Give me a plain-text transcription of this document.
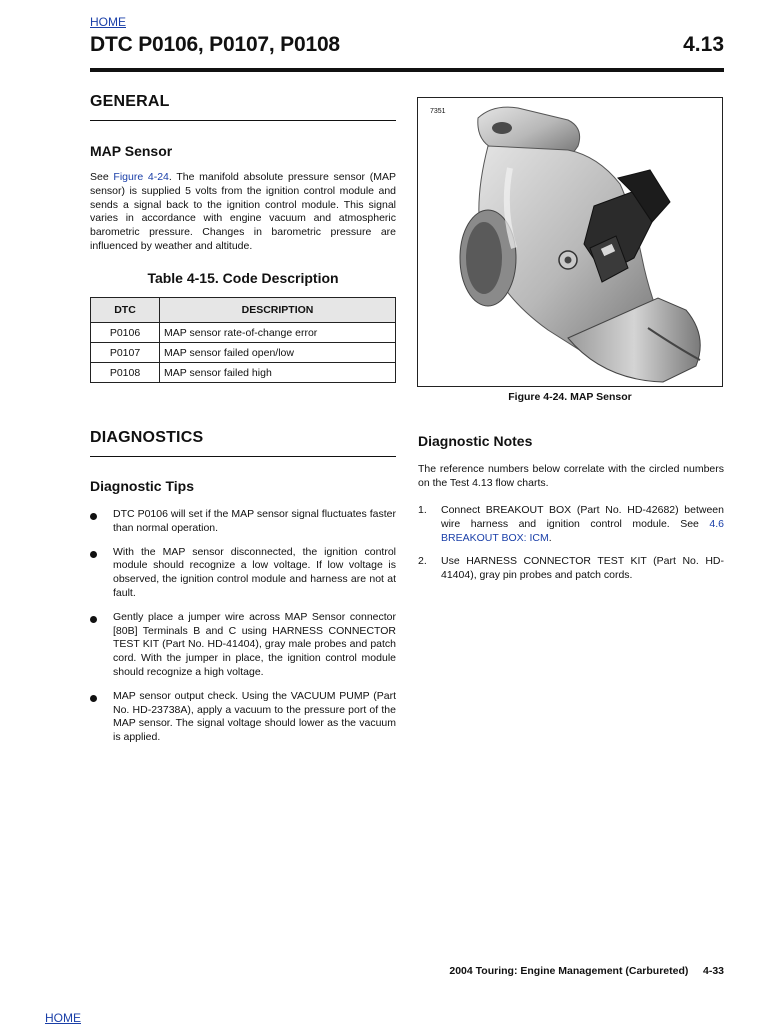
HOME
DTC P0106, P0107, P0108	4.13
GENERAL
MAP Sensor
See Figure 4-24. The manifold absolute pressure sensor (MAP sensor) is supplied 5 volts from the ignition control module and sends a signal back to the ignition control module. This signal varies in accordance with engine vacuum and atmospheric barometric pressure. Changes in barometric pressure are influenced by weather and altitude.
Table 4-15. Code Description
DTC	DESCRIPTION
P0106	MAP sensor rate-of-change error
P0107	MAP sensor failed open/low
P0108	MAP sensor failed high
7351
Figure 4-24. MAP Sensor
DIAGNOSTICS
Diagnostic Tips
DTC P0106 will set if the MAP sensor signal fluctuates faster than normal operation.
With the MAP sensor disconnected, the ignition control module should recognize a low voltage. If low voltage is observed, the ignition control module and harness are not at fault.
Gently place a jumper wire across MAP Sensor connector [80B] Terminals B and C using HARNESS CONNECTOR TEST KIT (Part No. HD-41404), gray male probes and patch cord. With the jumper in place, the ignition control module should recognize a high voltage.
MAP sensor output check. Using the VACUUM PUMP (Part No. HD-23738A), apply a vacuum to the pressure port of the MAP sensor. The signal voltage should lower as the vacuum is applied.
Diagnostic Notes
The reference numbers below correlate with the circled numbers on the Test 4.13 flow charts.
1. Connect BREAKOUT BOX (Part No. HD-42682) between wire harness and ignition control module. See 4.6 BREAKOUT BOX: ICM.
2. Use HARNESS CONNECTOR TEST KIT (Part No. HD-41404), gray pin probes and patch cords.
2004 Touring: Engine Management (Carbureted) 4-33
HOME
